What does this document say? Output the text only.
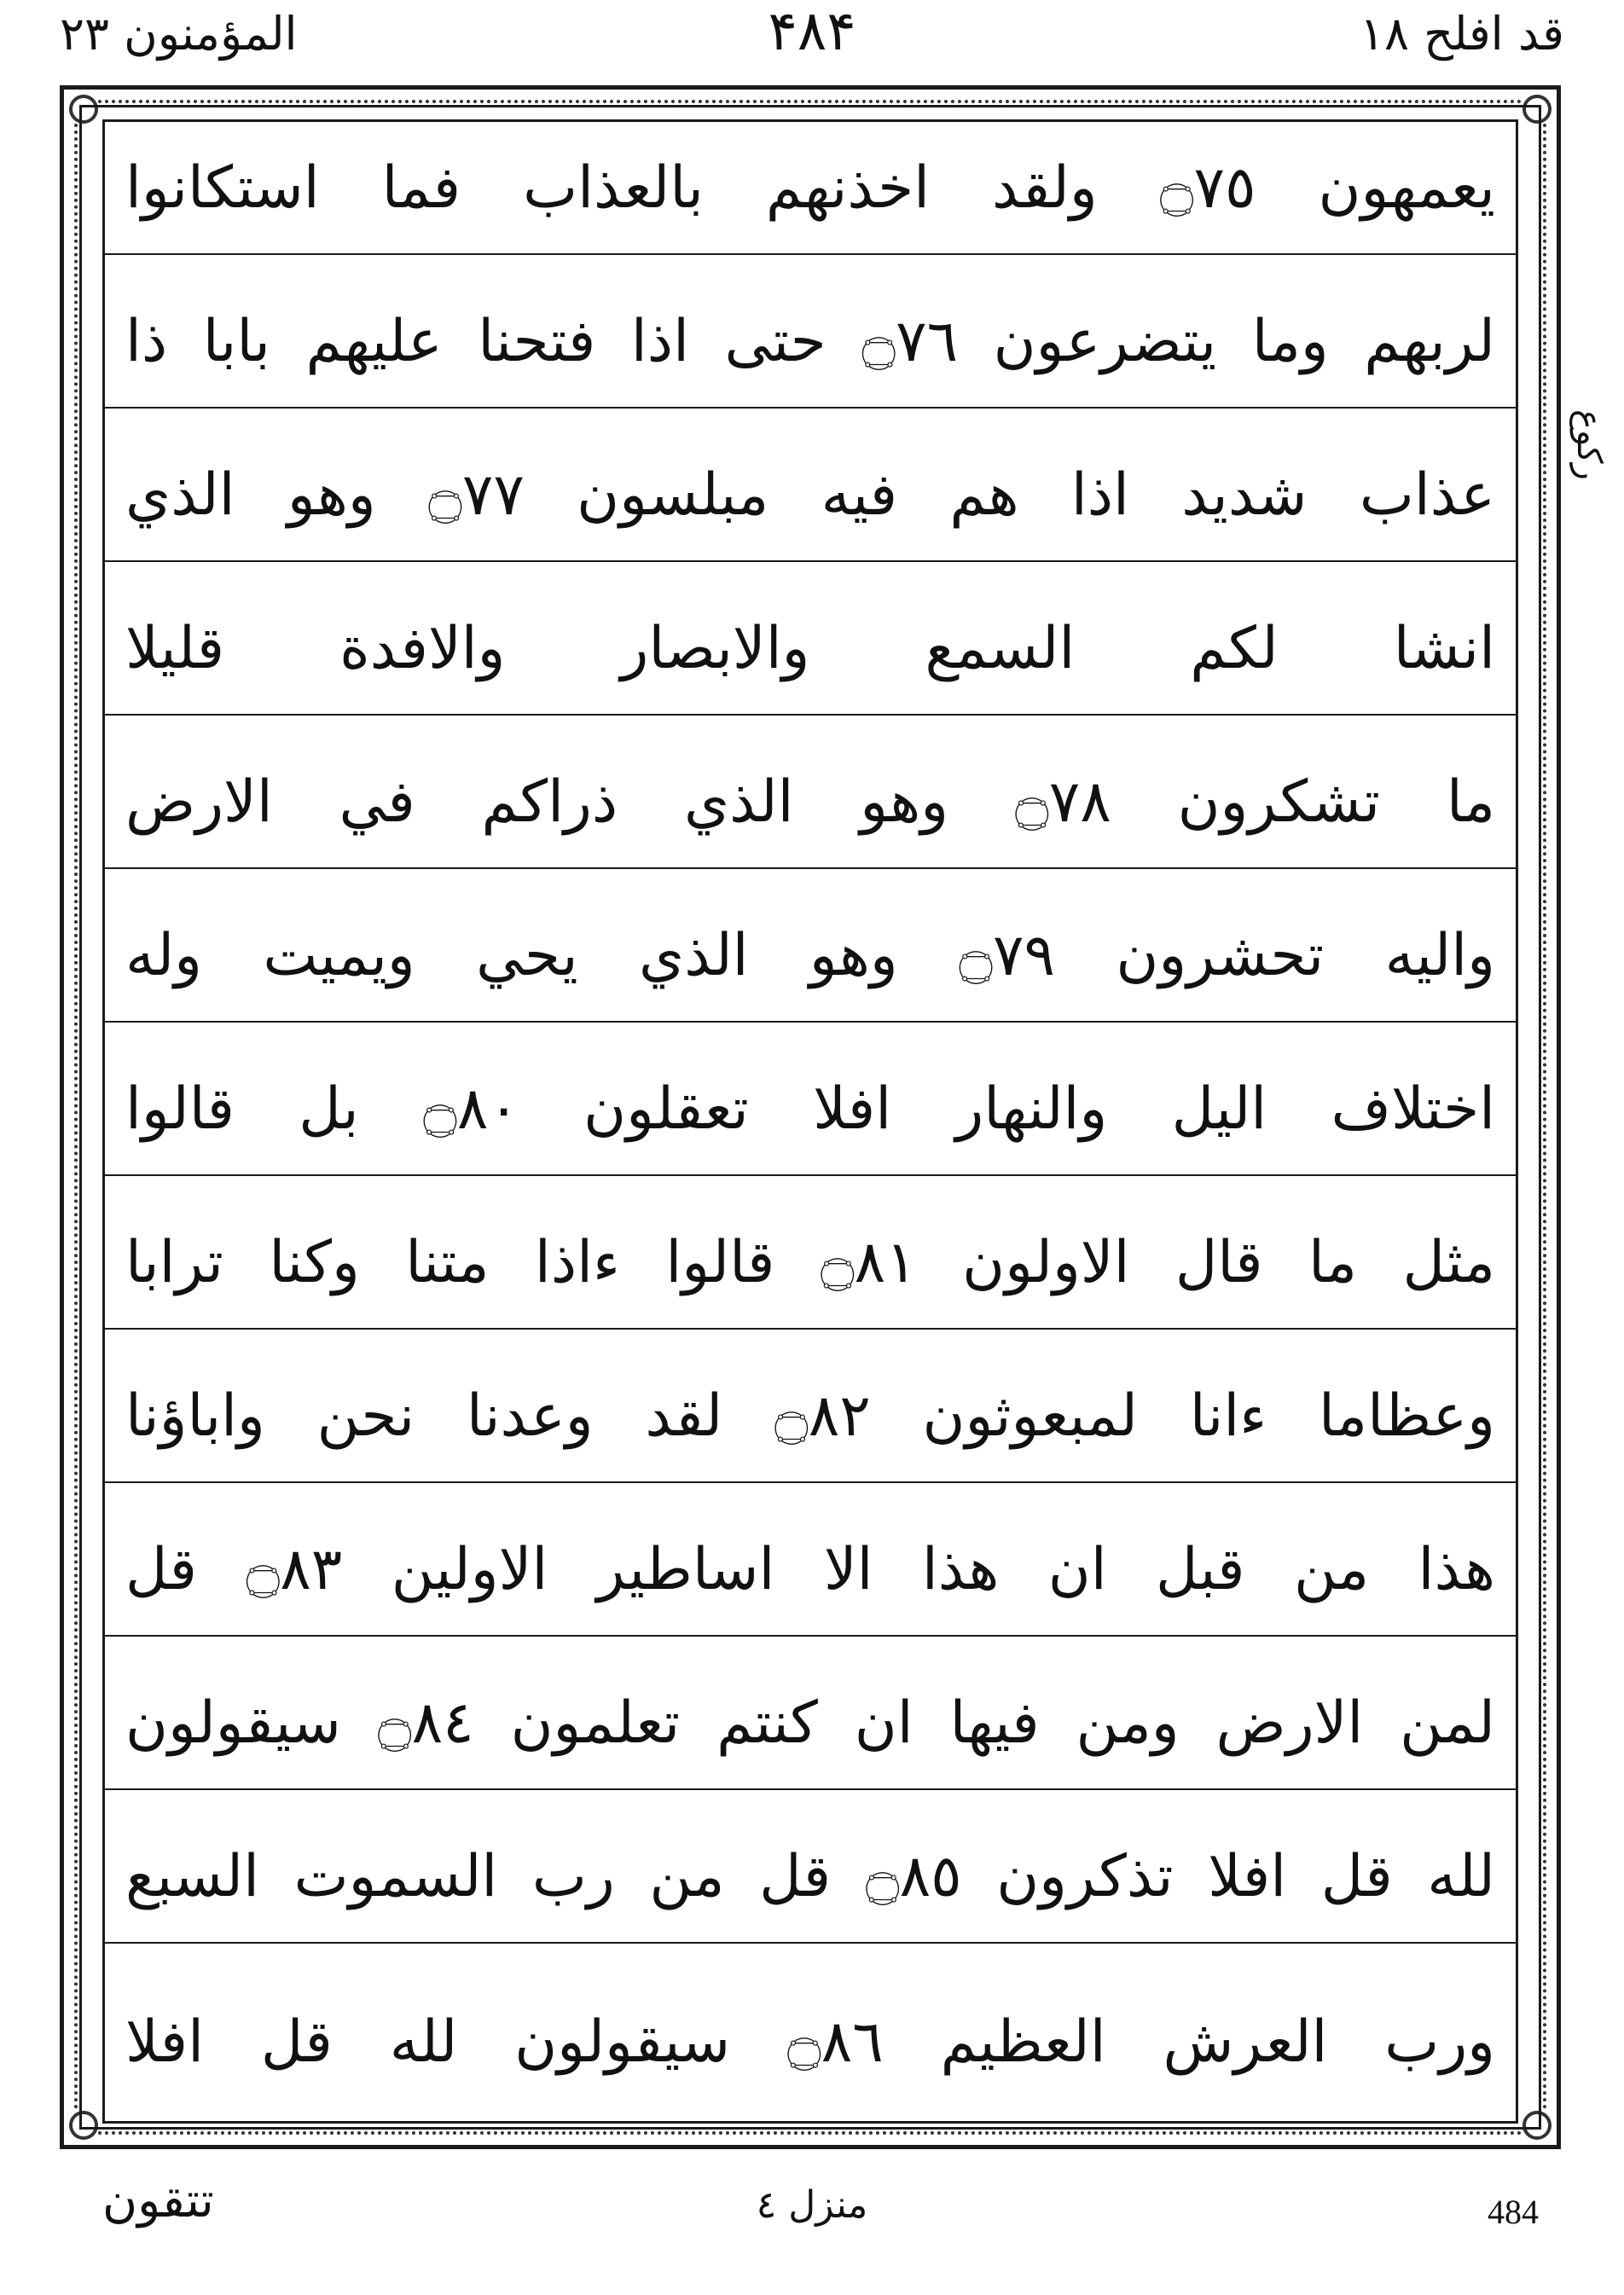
المؤمنون ٢٣	۴۸۴	قد افلح ١٨
يعمهون ۝٧٥ ولقد اخذنهم بالعذاب فما استكانوا
لربهم وما يتضرعون ۝٧٦ حتى اذا فتحنا عليهم بابا ذا
عذاب شديد اذا هم فيه مبلسون ۝٧٧ وهو الذي
انشا لكم السمع والابصار والافدة قليلا
ما تشكرون ۝٧٨ وهو الذي ذراكم في الارض
واليه تحشرون ۝٧٩ وهو الذي يحي ويميت وله
اختلاف اليل والنهار افلا تعقلون ۝٨٠ بل قالوا
مثل ما قال الاولون ۝٨١ قالوا ءاذا متنا وكنا ترابا
وعظاما ءانا لمبعوثون ۝٨٢ لقد وعدنا نحن واباؤنا
هذا من قبل ان هذا الا اساطير الاولين ۝٨٣ قل
لمن الارض ومن فيها ان كنتم تعلمون ۝٨٤ سيقولون
لله قل افلا تذكرون ۝٨٥ قل من رب السموت السبع
ورب العرش العظيم ۝٨٦ سيقولون لله قل افلا
ركوع
تتقون	منزل ٤	484
